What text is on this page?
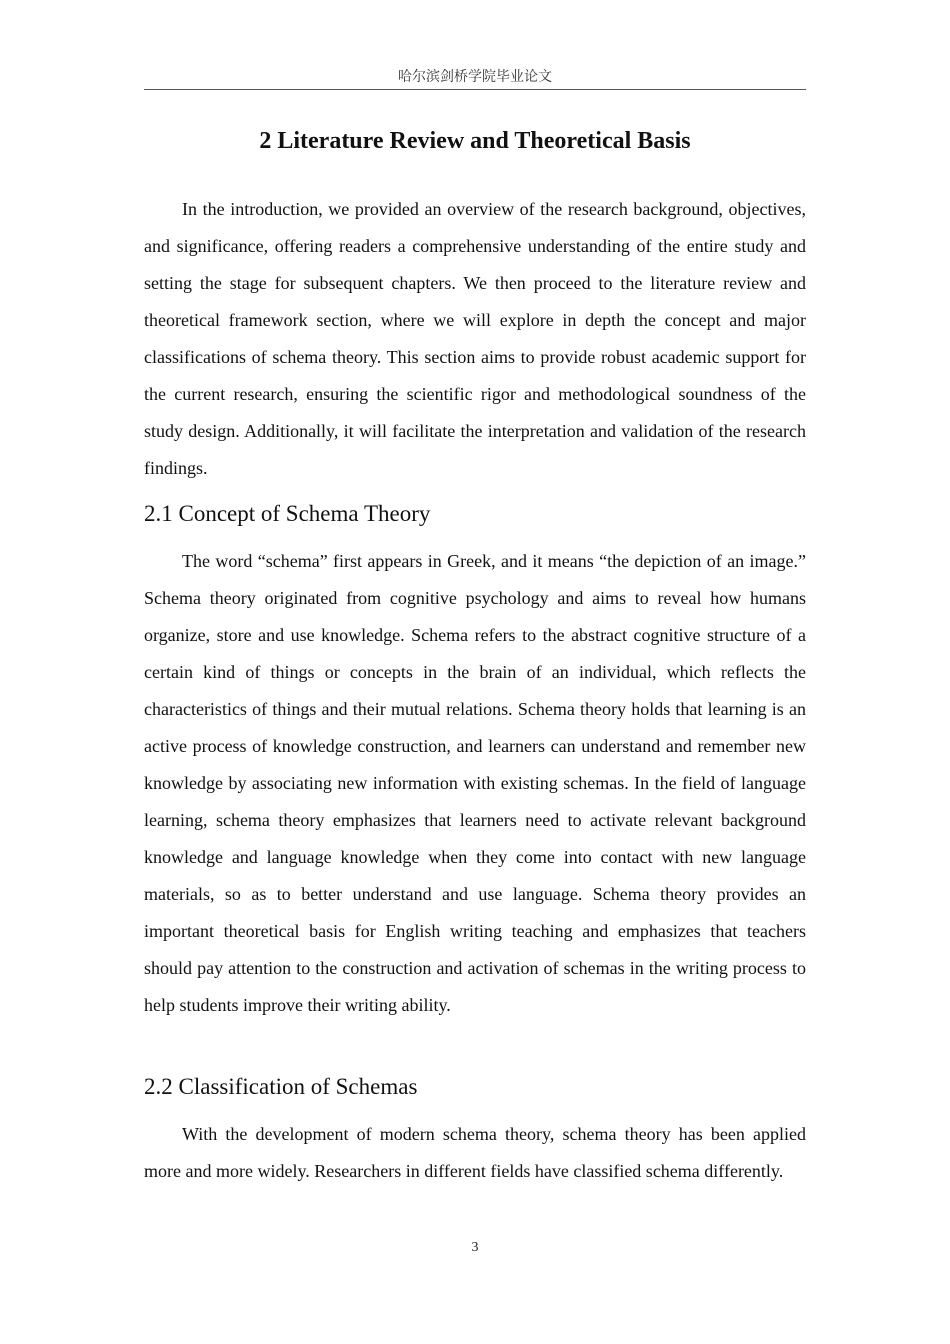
哈尔滨剑桥学院毕业论文
2 Literature Review and Theoretical Basis

In the introduction, we provided an overview of the research background, objectives, and significance, offering readers a comprehensive understanding of the entire study and setting the stage for subsequent chapters. We then proceed to the literature review and theoretical framework section, where we will explore in depth the concept and major classifications of schema theory. This section aims to provide robust academic support for the current research, ensuring the scientific rigor and methodological soundness of the study design. Additionally, it will facilitate the interpretation and validation of the research findings.

2.1 Concept of Schema Theory

The word “schema” first appears in Greek, and it means “the depiction of an image.” Schema theory originated from cognitive psychology and aims to reveal how humans organize, store and use knowledge. Schema refers to the abstract cognitive structure of a certain kind of things or concepts in the brain of an individual, which reflects the characteristics of things and their mutual relations. Schema theory holds that learning is an active process of knowledge construction, and learners can understand and remember new knowledge by associating new information with existing schemas. In the field of language learning, schema theory emphasizes that learners need to activate relevant background knowledge and language knowledge when they come into contact with new language materials, so as to better understand and use language. Schema theory provides an important theoretical basis for English writing teaching and emphasizes that teachers should pay attention to the construction and activation of schemas in the writing process to help students improve their writing ability.

2.2 Classification of Schemas

With the development of modern schema theory, schema theory has been applied more and more widely. Researchers in different fields have classified schema differently.

3
